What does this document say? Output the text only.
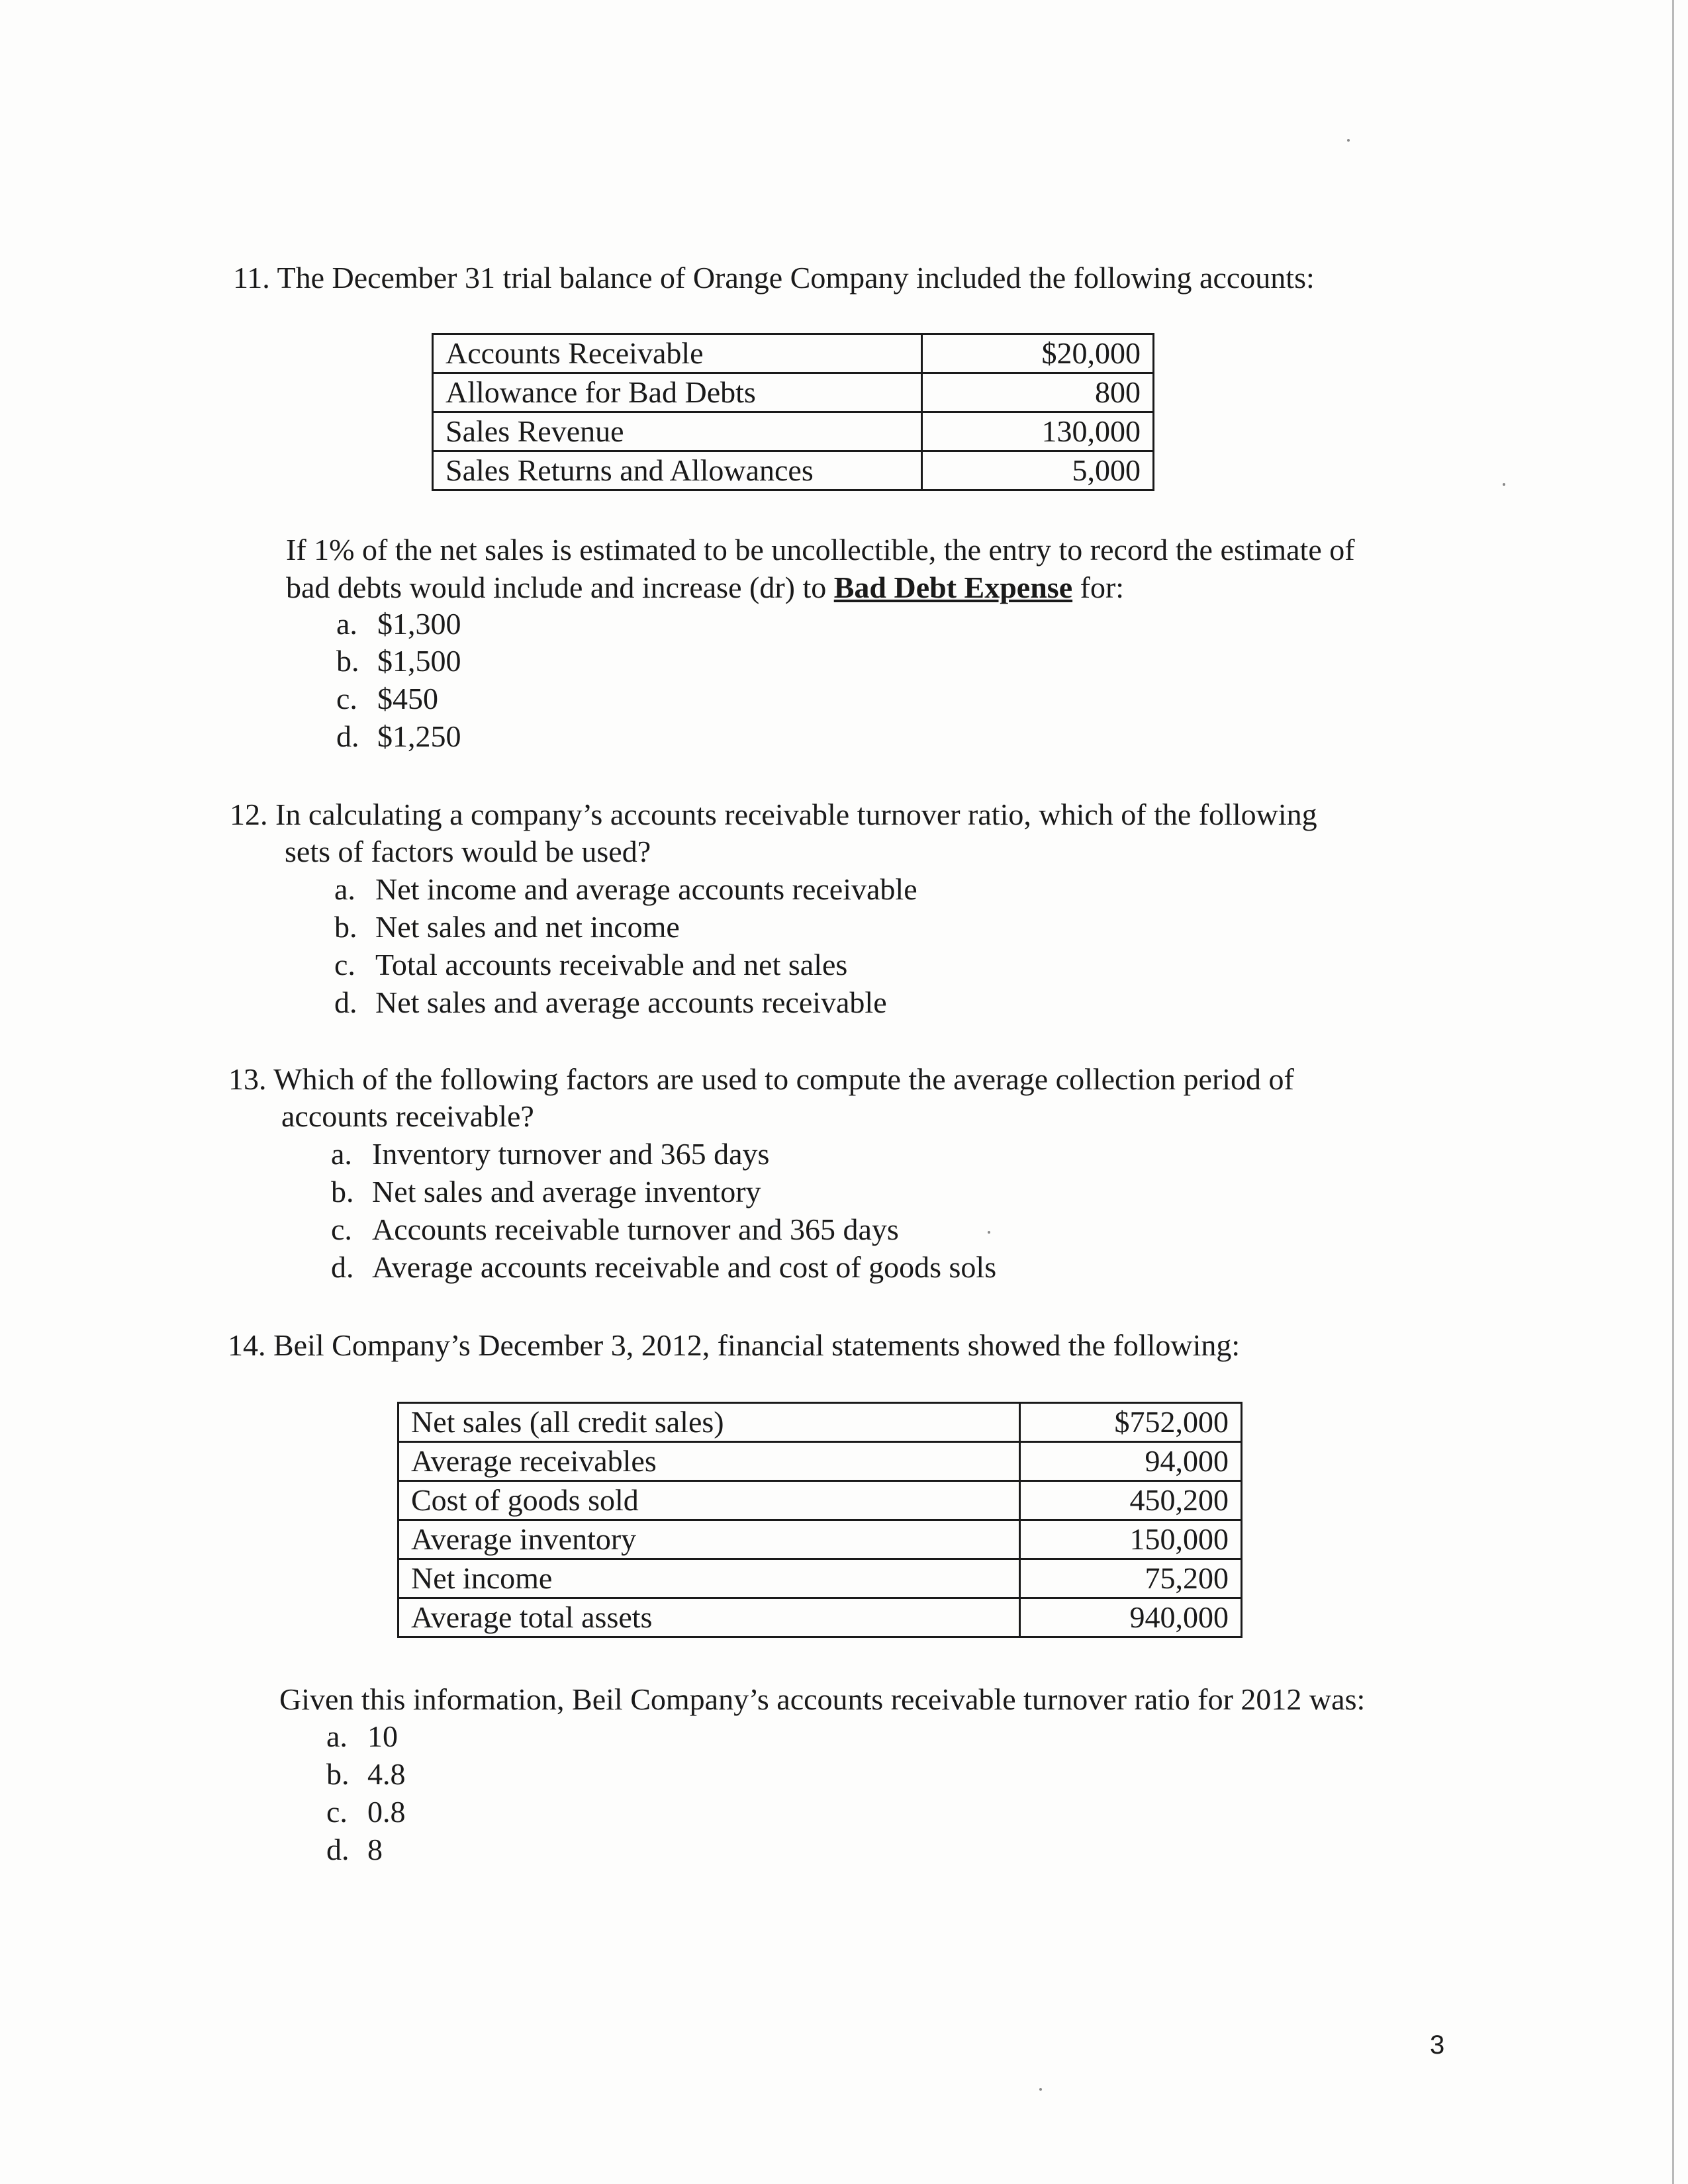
11. The December 31 trial balance of Orange Company included the following accounts:
Accounts Receivable	$20,000
Allowance for Bad Debts	800
Sales Revenue	130,000
Sales Returns and Allowances	5,000
If 1% of the net sales is estimated to be uncollectible, the entry to record the estimate of
bad debts would include and increase (dr) to Bad Debt Expense for:
a. $1,300
b. $1,500
c. $450
d. $1,250
12. In calculating a company’s accounts receivable turnover ratio, which of the following
sets of factors would be used?
a. Net income and average accounts receivable
b. Net sales and net income
c. Total accounts receivable and net sales
d. Net sales and average accounts receivable
13. Which of the following factors are used to compute the average collection period of
accounts receivable?
a. Inventory turnover and 365 days
b. Net sales and average inventory
c. Accounts receivable turnover and 365 days
d. Average accounts receivable and cost of goods sols
14. Beil Company’s December 3, 2012, financial statements showed the following:
Net sales (all credit sales)	$752,000
Average receivables	94,000
Cost of goods sold	450,200
Average inventory	150,000
Net income	75,200
Average total assets	940,000
Given this information, Beil Company’s accounts receivable turnover ratio for 2012 was:
a. 10
b. 4.8
c. 0.8
d. 8
3
